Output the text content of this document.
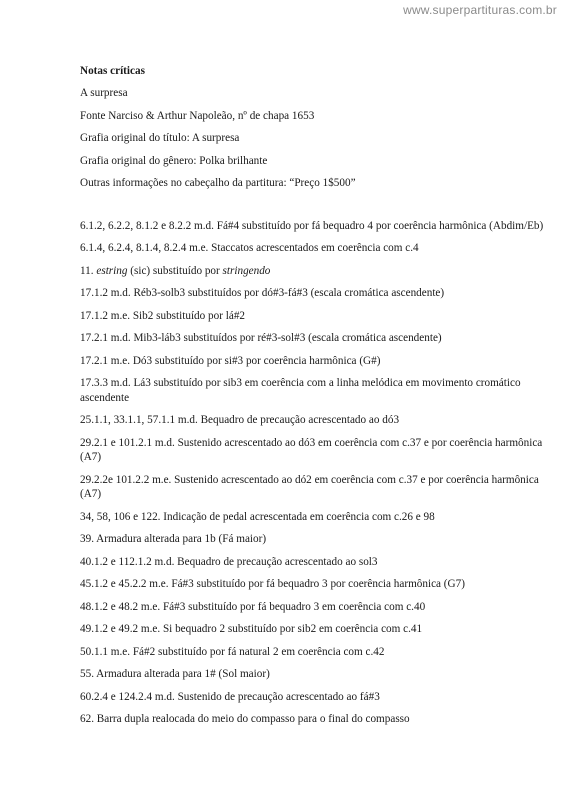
www.superpartituras.com.br
Notas críticas
A surpresa
Fonte Narciso & Arthur Napoleão, nº de chapa 1653
Grafia original do título: A surpresa
Grafia original do gênero: Polka brilhante
Outras informações no cabeçalho da partitura: “Preço 1$500”
6.1.2, 6.2.2, 8.1.2 e 8.2.2 m.d. Fá#4 substituído por fá bequadro 4 por coerência harmônica (Abdim/Eb)
6.1.4, 6.2.4, 8.1.4, 8.2.4 m.e. Staccatos acrescentados em coerência com c.4
11. estring (sic) substituído por stringendo
17.1.2 m.d. Réb3-solb3 substituídos por dó#3-fá#3 (escala cromática ascendente)
17.1.2 m.e. Sib2 substituído por lá#2
17.2.1 m.d. Mib3-láb3 substituídos por ré#3-sol#3 (escala cromática ascendente)
17.2.1 m.e. Dó3 substituído por si#3 por coerência harmônica (G#)
17.3.3 m.d. Lá3 substituído por sib3 em coerência com a linha melódica em movimento cromático ascendente
25.1.1, 33.1.1, 57.1.1 m.d. Bequadro de precaução acrescentado ao dó3
29.2.1 e 101.2.1 m.d. Sustenido acrescentado ao dó3 em coerência com c.37 e por coerência harmônica (A7)
29.2.2e 101.2.2 m.e. Sustenido acrescentado ao dó2 em coerência com c.37 e por coerência harmônica (A7)
34, 58, 106 e 122. Indicação de pedal acrescentada em coerência com c.26 e 98
39. Armadura alterada para 1b (Fá maior)
40.1.2 e 112.1.2 m.d. Bequadro de precaução acrescentado ao sol3
45.1.2 e 45.2.2 m.e. Fá#3 substituído por fá bequadro 3 por coerência harmônica (G7)
48.1.2 e 48.2 m.e. Fá#3 substituído por fá bequadro 3 em coerência com c.40
49.1.2 e 49.2 m.e. Si bequadro 2 substituído por sib2 em coerência com c.41
50.1.1 m.e. Fá#2 substituído por fá natural 2 em coerência com c.42
55. Armadura alterada para 1# (Sol maior)
60.2.4 e 124.2.4 m.d. Sustenido de precaução acrescentado ao fá#3
62. Barra dupla realocada do meio do compasso para o final do compasso
